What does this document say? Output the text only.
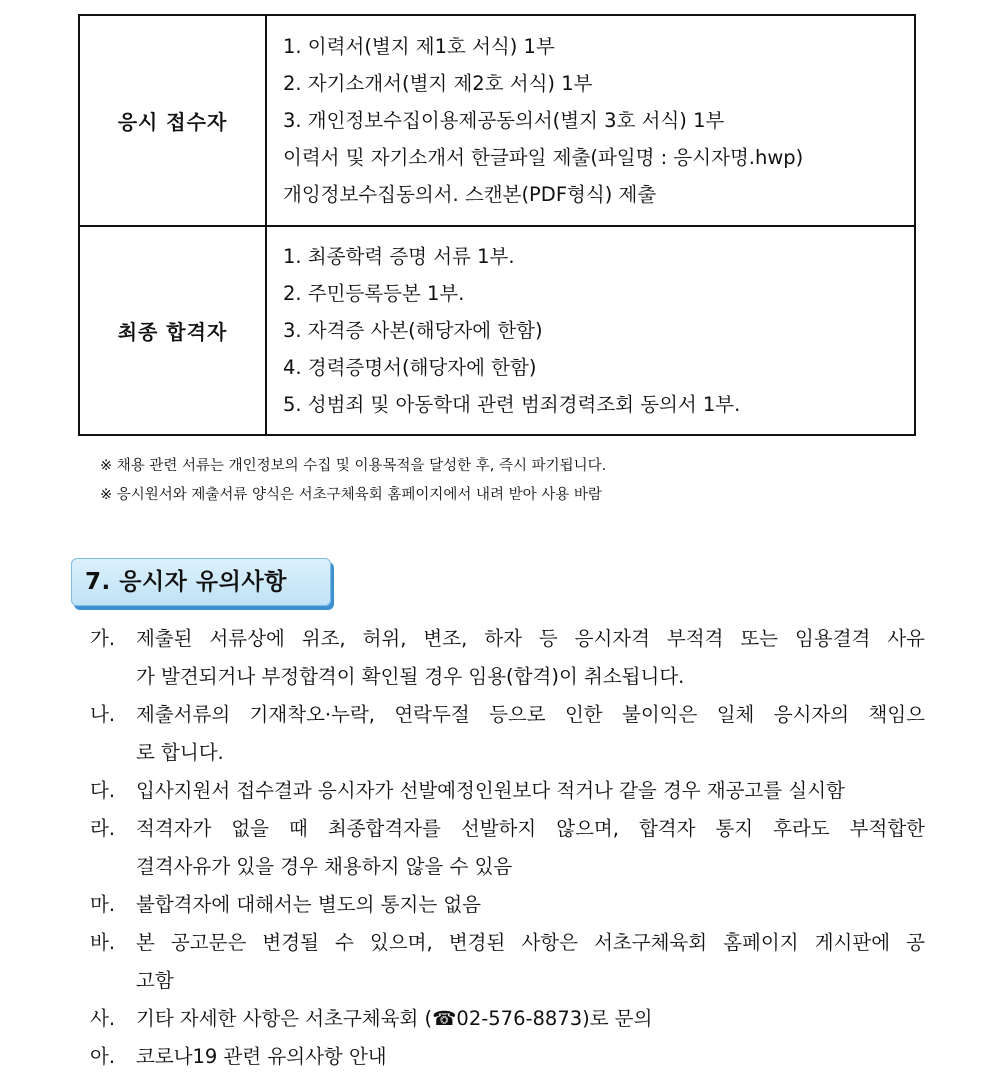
응시 접수자	1. 이력서(별지 제1호 서식) 1부
2. 자기소개서(별지 제2호 서식) 1부
3. 개인정보수집이용제공동의서(별지 3호 서식) 1부
이력서 및 자기소개서 한글파일 제출(파일명 : 응시자명.hwp)
개잉정보수집동의서. 스캔본(PDF형식) 제출

최종 합격자	1. 최종학력 증명 서류 1부.
2. 주민등록등본 1부.
3. 자격증 사본(해당자에 한함)
4. 경력증명서(해당자에 한함)
5. 성범죄 및 아동학대 관련 범죄경력조회 동의서 1부.
※ 채용 관련 서류는 개인정보의 수집 및 이용목적을 달성한 후, 즉시 파기됩니다.
※ 응시원서와 제출서류 양식은 서초구체육회 홈페이지에서 내려 받아 사용 바람
7. 응시자 유의사항
가. 제출된 서류상에 위조, 허위, 변조, 하자 등 응시자격 부적격 또는 임용결격 사유
가 발견되거나 부정합격이 확인될 경우 임용(합격)이 취소됩니다.
나. 제출서류의 기재착오·누락, 연락두절 등으로 인한 불이익은 일체 응시자의 책임으
로 합니다.
다. 입사지원서 접수결과 응시자가 선발예정인원보다 적거나 같을 경우 재공고를 실시함
라. 적격자가 없을 때 최종합격자를 선발하지 않으며, 합격자 통지 후라도 부적합한
결격사유가 있을 경우 채용하지 않을 수 있음
마. 불합격자에 대해서는 별도의 통지는 없음
바. 본 공고문은 변경될 수 있으며, 변경된 사항은 서초구체육회 홈페이지 게시판에 공
고함
사. 기타 자세한 사항은 서초구체육회 (☎02-576-8873)로 문의
아. 코로나19 관련 유의사항 안내
